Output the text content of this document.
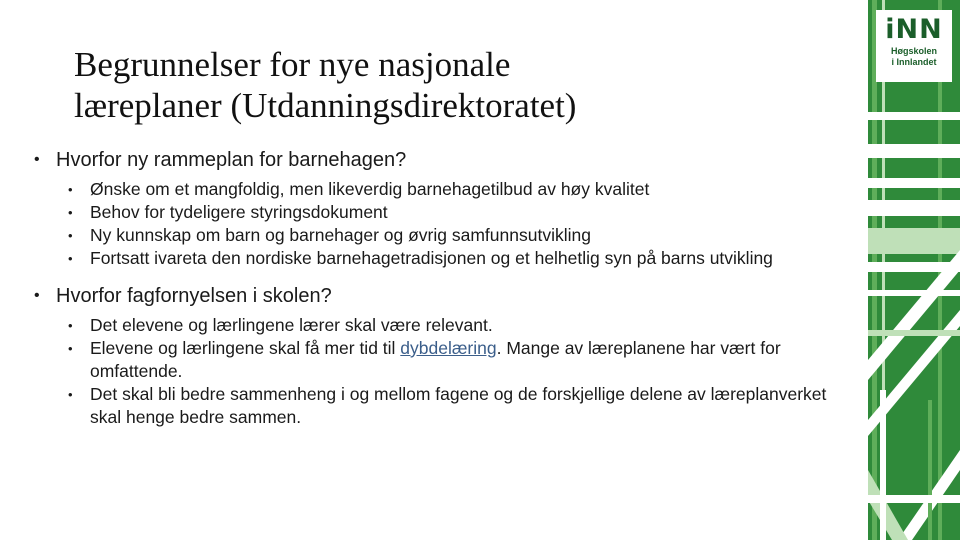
Begrunnelser for nye nasjonale
læreplaner (Utdanningsdirektoratet)
• Hvorfor ny rammeplan for barnehagen?
• Ønske om et mangfoldig, men likeverdig barnehagetilbud av høy kvalitet
• Behov for tydeligere styringsdokument
• Ny kunnskap om barn og barnehager og øvrig samfunnsutvikling
• Fortsatt ivareta den nordiske barnehagetradisjonen og et helhetlig syn på barns utvikling
• Hvorfor fagfornyelsen i skolen?
• Det elevene og lærlingene lærer skal være relevant.
• Elevene og lærlingene skal få mer tid til dybdelæring. Mange av læreplanene har vært for omfattende.
• Det skal bli bedre sammenheng i og mellom fagene og de forskjellige delene av læreplanverket skal henge bedre sammen.
iNN
Høgskolen
i Innlandet
